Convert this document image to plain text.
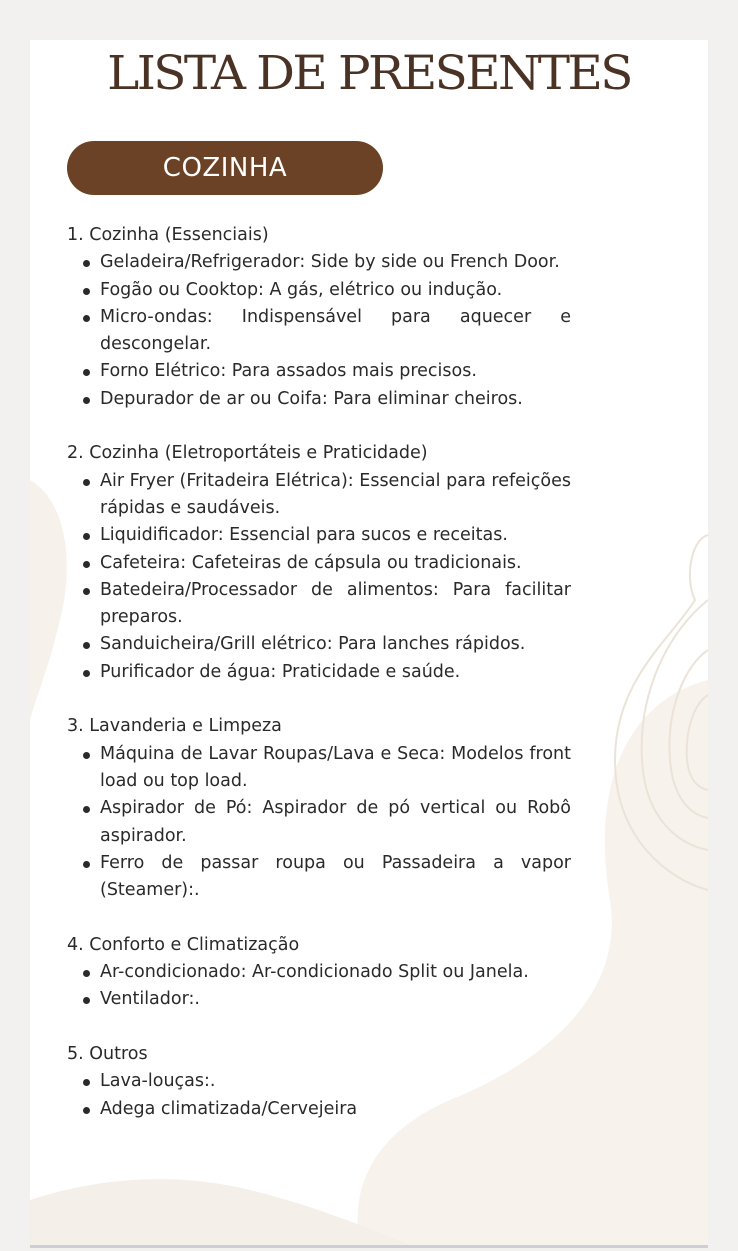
LISTA DE PRESENTES
COZINHA

1. Cozinha (Essenciais)

Geladeira/Refrigerador: Side by side ou French Door.
Fogão ou Cooktop: A gás, elétrico ou indução.
Micro-ondas: Indispensável para aquecer e descongelar.
Forno Elétrico: Para assados mais precisos.
Depurador de ar ou Coifa: Para eliminar cheiros.

2. Cozinha (Eletroportáteis e Praticidade)

Air Fryer (Fritadeira Elétrica): Essencial para refeições rápidas e saudáveis.
Liquidificador: Essencial para sucos e receitas.
Cafeteira: Cafeteiras de cápsula ou tradicionais.
Batedeira/Processador de alimentos: Para facilitar preparos.
Sanduicheira/Grill elétrico: Para lanches rápidos.
Purificador de água: Praticidade e saúde.

3. Lavanderia e Limpeza

Máquina de Lavar Roupas/Lava e Seca: Modelos front load ou top load.
Aspirador de Pó: Aspirador de pó vertical ou Robô aspirador.
Ferro de passar roupa ou Passadeira a vapor (Steamer):.

4. Conforto e Climatização

Ar-condicionado: Ar-condicionado Split ou Janela.
Ventilador:.

5. Outros

Lava-louças:.
Adega climatizada/Cervejeira
